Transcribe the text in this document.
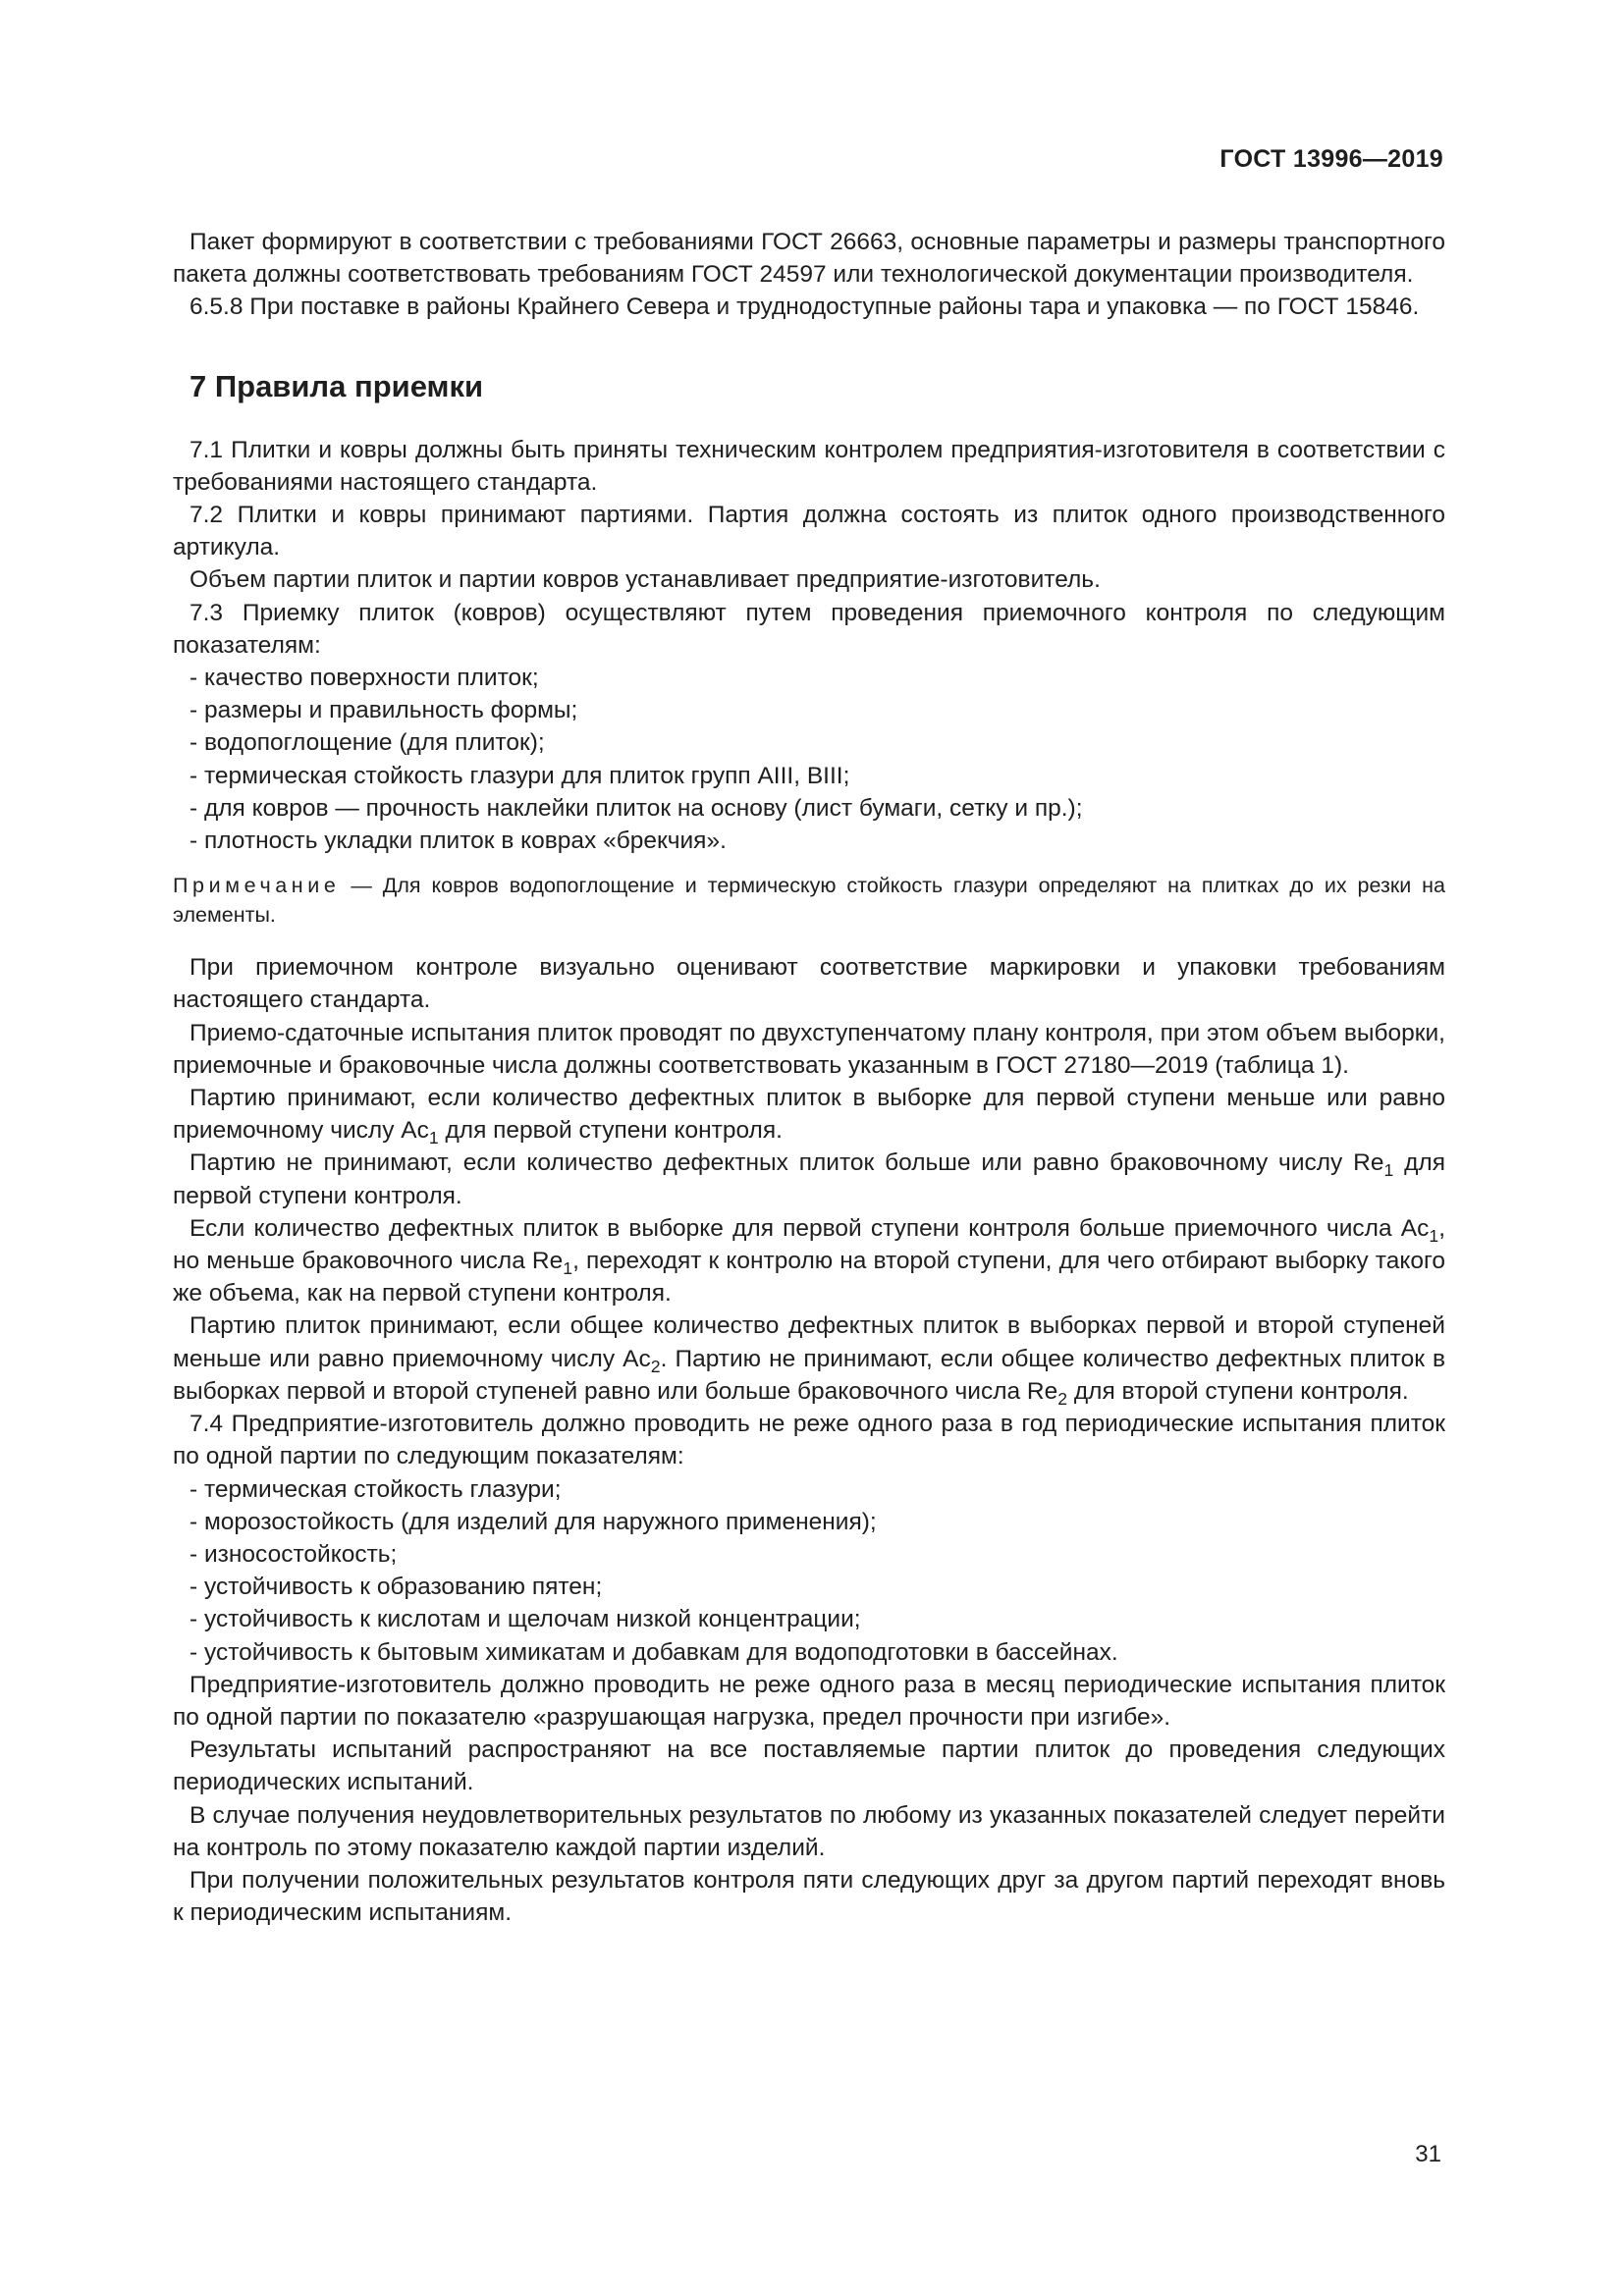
ГОСТ 13996—2019

Пакет формируют в соответствии с требованиями ГОСТ 26663, основные параметры и размеры транспортного пакета должны соответствовать требованиям ГОСТ 24597 или технологической документации производителя.

6.5.8 При поставке в районы Крайнего Севера и труднодоступные районы тара и упаковка — по ГОСТ 15846.

7 Правила приемки

7.1 Плитки и ковры должны быть приняты техническим контролем предприятия-изготовителя в соответствии с требованиями настоящего стандарта.

7.2 Плитки и ковры принимают партиями. Партия должна состоять из плиток одного производственного артикула.

Объем партии плиток и партии ковров устанавливает предприятие-изготовитель.

7.3 Приемку плиток (ковров) осуществляют путем проведения приемочного контроля по следующим показателям:

- качество поверхности плиток;

- размеры и правильность формы;

- водопоглощение (для плиток);

- термическая стойкость глазури для плиток групп AIII, BIII;

- для ковров — прочность наклейки плиток на основу (лист бумаги, сетку и пр.);

- плотность укладки плиток в коврах «брекчия».

Примечание — Для ковров водопоглощение и термическую стойкость глазури определяют на плитках до их резки на элементы.

При приемочном контроле визуально оценивают соответствие маркировки и упаковки требованиям настоящего стандарта.

Приемо-сдаточные испытания плиток проводят по двухступенчатому плану контроля, при этом объем выборки, приемочные и браковочные числа должны соответствовать указанным в ГОСТ 27180—2019 (таблица 1).

Партию принимают, если количество дефектных плиток в выборке для первой ступени меньше или равно приемочному числу $Ac_1$ для первой ступени контроля.

Партию не принимают, если количество дефектных плиток больше или равно браковочному числу $Re_1$ для первой ступени контроля.

Если количество дефектных плиток в выборке для первой ступени контроля больше приемочного числа $Ac_1$, но меньше браковочного числа $Re_1$, переходят к контролю на второй ступени, для чего отбирают выборку такого же объема, как на первой ступени контроля.

Партию плиток принимают, если общее количество дефектных плиток в выборках первой и второй ступеней меньше или равно приемочному числу $Ac_2$. Партию не принимают, если общее количество дефектных плиток в выборках первой и второй ступеней равно или больше браковочного числа $Re_2$ для второй ступени контроля.

7.4 Предприятие-изготовитель должно проводить не реже одного раза в год периодические испытания плиток по одной партии по следующим показателям:

- термическая стойкость глазури;

- морозостойкость (для изделий для наружного применения);

- износостойкость;

- устойчивость к образованию пятен;

- устойчивость к кислотам и щелочам низкой концентрации;

- устойчивость к бытовым химикатам и добавкам для водоподготовки в бассейнах.

Предприятие-изготовитель должно проводить не реже одного раза в месяц периодические испытания плиток по одной партии по показателю «разрушающая нагрузка, предел прочности при изгибе».

Результаты испытаний распространяют на все поставляемые партии плиток до проведения следующих периодических испытаний.

В случае получения неудовлетворительных результатов по любому из указанных показателей следует перейти на контроль по этому показателю каждой партии изделий.

При получении положительных результатов контроля пяти следующих друг за другом партий переходят вновь к периодическим испытаниям.

31
